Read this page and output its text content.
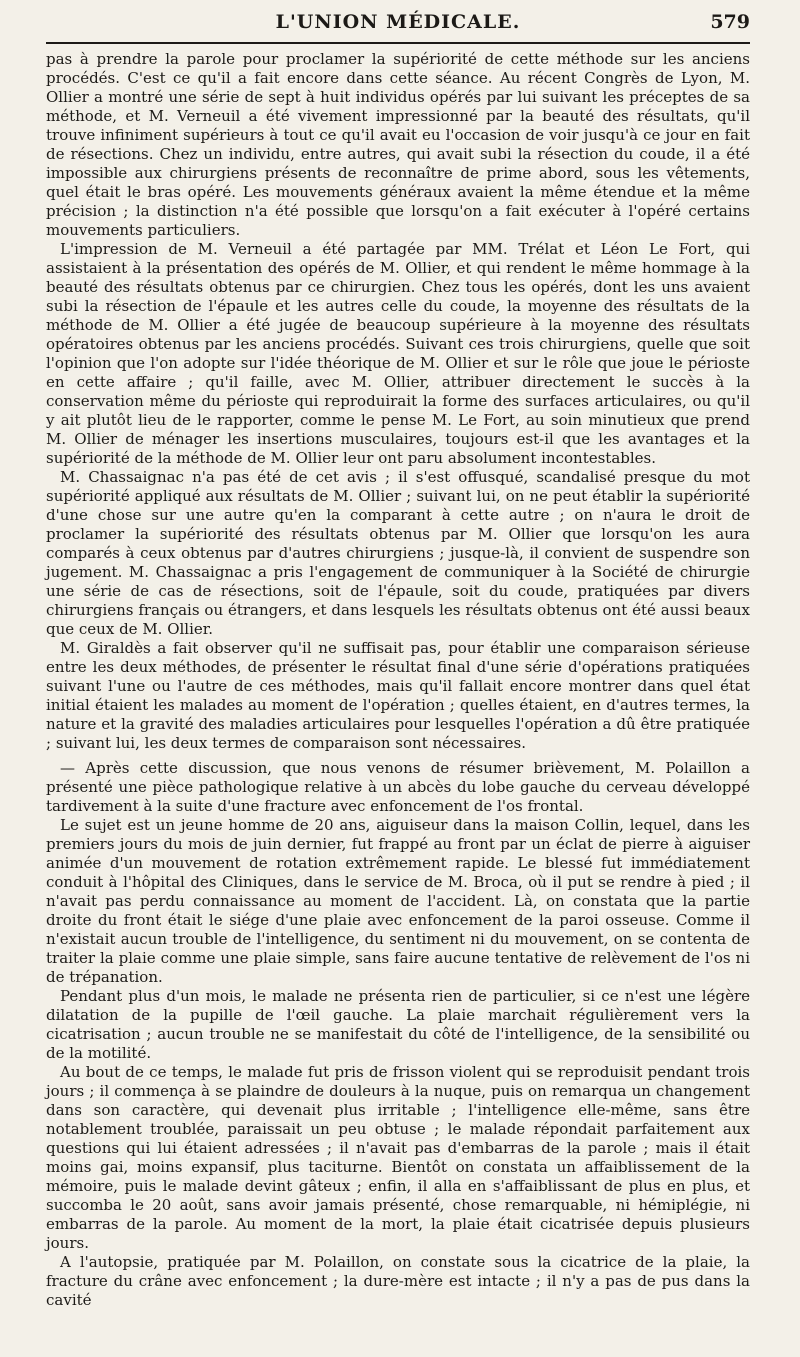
L'UNION MÉDICALE.	579

pas à prendre la parole pour proclamer la supériorité de cette méthode sur les anciens procédés. C'est ce qu'il a fait encore dans cette séance. Au récent Congrès de Lyon, M. Ollier a montré une série de sept à huit individus opérés par lui suivant les préceptes de sa méthode, et M. Verneuil a été vivement impressionné par la beauté des résultats, qu'il trouve infiniment supérieurs à tout ce qu'il avait eu l'occasion de voir jusqu'à ce jour en fait de résections. Chez un individu, entre autres, qui avait subi la résection du coude, il a été impossible aux chirurgiens présents de reconnaître de prime abord, sous les vêtements, quel était le bras opéré. Les mouvements généraux avaient la même étendue et la même précision ; la distinction n'a été possible que lorsqu'on a fait exécuter à l'opéré certains mouvements particuliers.

L'impression de M. Verneuil a été partagée par MM. Trélat et Léon Le Fort, qui assistaient à la présentation des opérés de M. Ollier, et qui rendent le même hommage à la beauté des résultats obtenus par ce chirurgien. Chez tous les opérés, dont les uns avaient subi la résection de l'épaule et les autres celle du coude, la moyenne des résultats de la méthode de M. Ollier a été jugée de beaucoup supérieure à la moyenne des résultats opératoires obtenus par les anciens procédés. Suivant ces trois chirurgiens, quelle que soit l'opinion que l'on adopte sur l'idée théorique de M. Ollier et sur le rôle que joue le périoste en cette affaire ; qu'il faille, avec M. Ollier, attribuer directement le succès à la conservation même du périoste qui reproduirait la forme des surfaces articulaires, ou qu'il y ait plutôt lieu de le rapporter, comme le pense M. Le Fort, au soin minutieux que prend M. Ollier de ménager les insertions musculaires, toujours est-il que les avantages et la supériorité de la méthode de M. Ollier leur ont paru absolument incontestables.

M. Chassaignac n'a pas été de cet avis ; il s'est offusqué, scandalisé presque du mot supériorité appliqué aux résultats de M. Ollier ; suivant lui, on ne peut établir la supériorité d'une chose sur une autre qu'en la comparant à cette autre ; on n'aura le droit de proclamer la supériorité des résultats obtenus par M. Ollier que lorsqu'on les aura comparés à ceux obtenus par d'autres chirurgiens ; jusque-là, il convient de suspendre son jugement. M. Chassaignac a pris l'engagement de communiquer à la Société de chirurgie une série de cas de résections, soit de l'épaule, soit du coude, pratiquées par divers chirurgiens français ou étrangers, et dans lesquels les résultats obtenus ont été aussi beaux que ceux de M. Ollier.

M. Giraldès a fait observer qu'il ne suffisait pas, pour établir une comparaison sérieuse entre les deux méthodes, de présenter le résultat final d'une série d'opérations pratiquées suivant l'une ou l'autre de ces méthodes, mais qu'il fallait encore montrer dans quel état initial étaient les malades au moment de l'opération ; quelles étaient, en d'autres termes, la nature et la gravité des maladies articulaires pour lesquelles l'opération a dû être pratiquée ; suivant lui, les deux termes de comparaison sont nécessaires.

— Après cette discussion, que nous venons de résumer brièvement, M. Polaillon a présenté une pièce pathologique relative à un abcès du lobe gauche du cerveau développé tardivement à la suite d'une fracture avec enfoncement de l'os frontal.

Le sujet est un jeune homme de 20 ans, aiguiseur dans la maison Collin, lequel, dans les premiers jours du mois de juin dernier, fut frappé au front par un éclat de pierre à aiguiser animée d'un mouvement de rotation extrêmement rapide. Le blessé fut immédiatement conduit à l'hôpital des Cliniques, dans le service de M. Broca, où il put se rendre à pied ; il n'avait pas perdu connaissance au moment de l'accident. Là, on constata que la partie droite du front était le siége d'une plaie avec enfoncement de la paroi osseuse. Comme il n'existait aucun trouble de l'intelligence, du sentiment ni du mouvement, on se contenta de traiter la plaie comme une plaie simple, sans faire aucune tentative de relèvement de l'os ni de trépanation.

Pendant plus d'un mois, le malade ne présenta rien de particulier, si ce n'est une légère dilatation de la pupille de l'œil gauche. La plaie marchait régulièrement vers la cicatrisation ; aucun trouble ne se manifestait du côté de l'intelligence, de la sensibilité ou de la motilité.

Au bout de ce temps, le malade fut pris de frisson violent qui se reproduisit pendant trois jours ; il commença à se plaindre de douleurs à la nuque, puis on remarqua un changement dans son caractère, qui devenait plus irritable ; l'intelligence elle-même, sans être notablement troublée, paraissait un peu obtuse ; le malade répondait parfaitement aux questions qui lui étaient adressées ; il n'avait pas d'embarras de la parole ; mais il était moins gai, moins expansif, plus taciturne. Bientôt on constata un affaiblissement de la mémoire, puis le malade devint gâteux ; enfin, il alla en s'affaiblissant de plus en plus, et succomba le 20 août, sans avoir jamais présenté, chose remarquable, ni hémiplégie, ni embarras de la parole. Au moment de la mort, la plaie était cicatrisée depuis plusieurs jours.

A l'autopsie, pratiquée par M. Polaillon, on constate sous la cicatrice de la plaie, la fracture du crâne avec enfoncement ; la dure-mère est intacte ; il n'y a pas de pus dans la cavité
